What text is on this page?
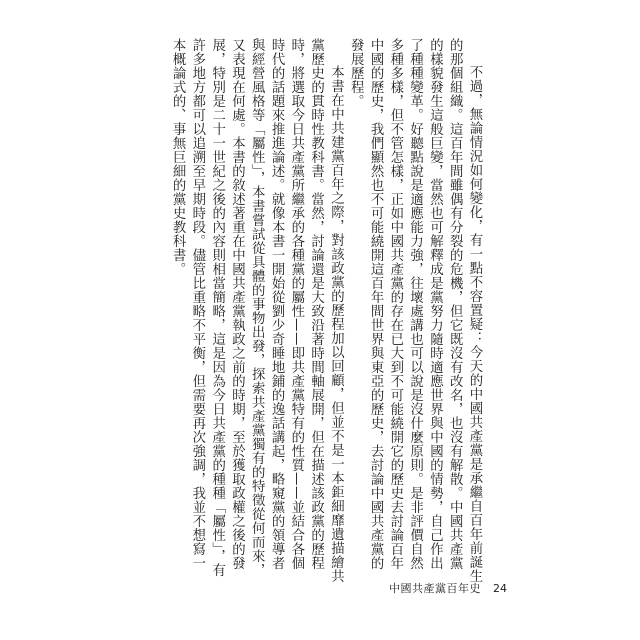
不過，無論情況如何變化，有一點不容置疑：今天的中國共產黨是承繼自百年前誕生的那個組織。這百年間雖偶有分裂的危機，但它既沒有改名，也沒有解散。中國共產黨的樣貌發生這般巨變，當然也可解釋成是黨努力隨時適應世界與中國的情勢，自己作出了種種變革。好聽點說是適應能力強，往壞處講也可以說是沒什麼原則。是非評價自然多種多樣，但不管怎樣，正如中國共產黨的存在已大到不可能繞開它的歷史去討論百年中國的歷史，我們顯然也不可能繞開這百年間世界與東亞的歷史，去討論中國共產黨的發展歷程。

本書在中共建黨百年之際，對該政黨的歷程加以回顧，但並不是一本鉅細靡遺描繪共黨歷史的貫時性教科書。當然，討論還是大致沿著時間軸展開，但在描述該政黨的歷程時，將選取今日共產黨所繼承的各種黨的屬性——即共產黨特有的性質——並結合各個時代的話題來推進論述。就像本書一開始從劉少奇睡地鋪的逸話講起，略窺黨的領導者與經營風格等「屬性」，本書嘗試從具體的事物出發，探索共產黨獨有的特徵從何而來，又表現在何處。本書的敘述著重在中國共產黨執政之前的時期，至於獲取政權之後的發展，特別是二十一世紀之後的內容則相當簡略，這是因為今日共產黨的種種「屬性」，有許多地方都可以追溯至早期時段。儘管比重略不平衡，但需要再次強調，我並不想寫一本概論式的、事無巨細的黨史教科書。

中國共產黨百年史 24
